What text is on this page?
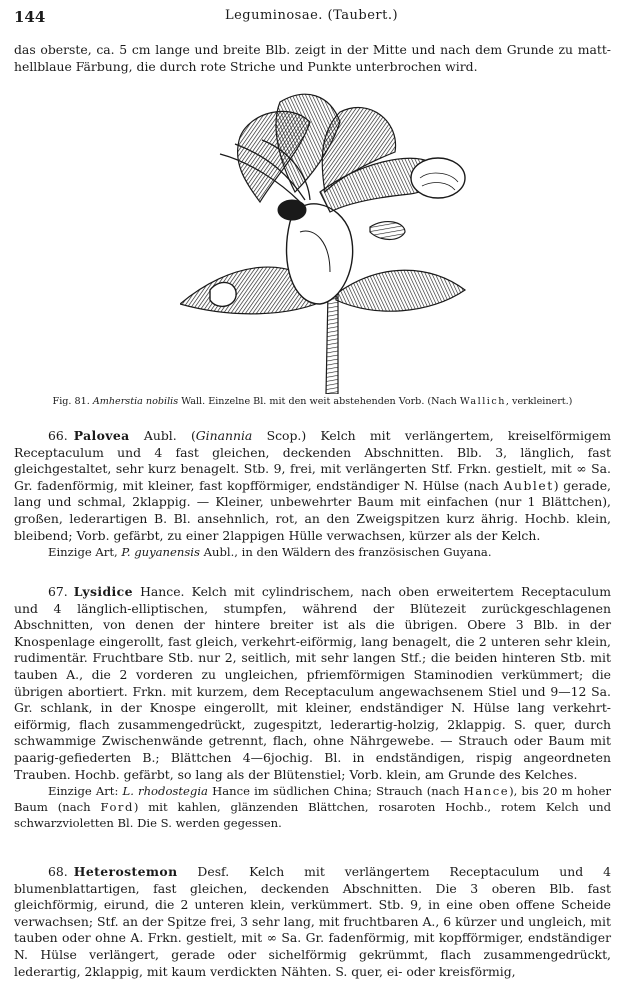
144	Leguminosae. (Taubert.)

das oberste, ca. 5 cm lange und breite Blb. zeigt in der Mitte und nach dem Grunde zu matt-hellblaue Färbung, die durch rote Striche und Punkte unterbrochen wird.

Fig. 81. Amherstia nobilis Wall. Einzelne Bl. mit den weit abstehenden Vorb. (Nach Wallich, verkleinert.)

66. Palovea Aubl. (Ginannia Scop.) Kelch mit verlängertem, kreiselförmigem Receptaculum und 4 fast gleichen, deckenden Abschnitten. Blb. 3, länglich, fast gleichgestaltet, sehr kurz benagelt. Stb. 9, frei, mit verlängerten Stf. Frkn. gestielt, mit ∞ Sa. Gr. fadenförmig, mit kleiner, fast kopfförmiger, endständiger N. Hülse (nach Aublet) gerade, lang und schmal, 2klappig. — Kleiner, unbewehrter Baum mit einfachen (nur 1 Blättchen), großen, lederartigen B. Bl. ansehnlich, rot, an den Zweigspitzen kurz ährig. Hochb. klein, bleibend; Vorb. gefärbt, zu einer 2lappigen Hülle verwachsen, kürzer als der Kelch.

Einzige Art, P. guyanensis Aubl., in den Wäldern des französischen Guyana.

67. Lysidice Hance. Kelch mit cylindrischem, nach oben erweitertem Receptaculum und 4 länglich-elliptischen, stumpfen, während der Blütezeit zurückgeschlagenen Abschnitten, von denen der hintere breiter ist als die übrigen. Obere 3 Blb. in der Knospenlage eingerollt, fast gleich, verkehrt-eiförmig, lang benagelt, die 2 unteren sehr klein, rudimentär. Fruchtbare Stb. nur 2, seitlich, mit sehr langen Stf.; die beiden hinteren Stb. mit tauben A., die 2 vorderen zu ungleichen, pfriemförmigen Staminodien verkümmert; die übrigen abortiert. Frkn. mit kurzem, dem Receptaculum angewachsenem Stiel und 9—12 Sa. Gr. schlank, in der Knospe eingerollt, mit kleiner, endständiger N. Hülse lang verkehrt-eiförmig, flach zusammengedrückt, zugespitzt, lederartig-holzig, 2klappig. S. quer, durch schwammige Zwischenwände getrennt, flach, ohne Nährgewebe. — Strauch oder Baum mit paarig-gefiederten B.; Blättchen 4—6jochig. Bl. in endständigen, rispig angeordneten Trauben. Hochb. gefärbt, so lang als der Blütenstiel; Vorb. klein, am Grunde des Kelches.

Einzige Art: L. rhodostegia Hance im südlichen China; Strauch (nach Hance), bis 20 m hoher Baum (nach Ford) mit kahlen, glänzenden Blättchen, rosaroten Hochb., rotem Kelch und schwarzvioletten Bl. Die S. werden gegessen.

68. Heterostemon Desf. Kelch mit verlängertem Receptaculum und 4 blumenblattartigen, fast gleichen, deckenden Abschnitten. Die 3 oberen Blb. fast gleichförmig, eirund, die 2 unteren klein, verkümmert. Stb. 9, in eine oben offene Scheide verwachsen; Stf. an der Spitze frei, 3 sehr lang, mit fruchtbaren A., 6 kürzer und ungleich, mit tauben oder ohne A. Frkn. gestielt, mit ∞ Sa. Gr. fadenförmig, mit kopfförmiger, endständiger N. Hülse verlängert, gerade oder sichelförmig gekrümmt, flach zusammengedrückt, lederartig, 2klappig, mit kaum verdickten Nähten. S. quer, ei- oder kreisförmig,
